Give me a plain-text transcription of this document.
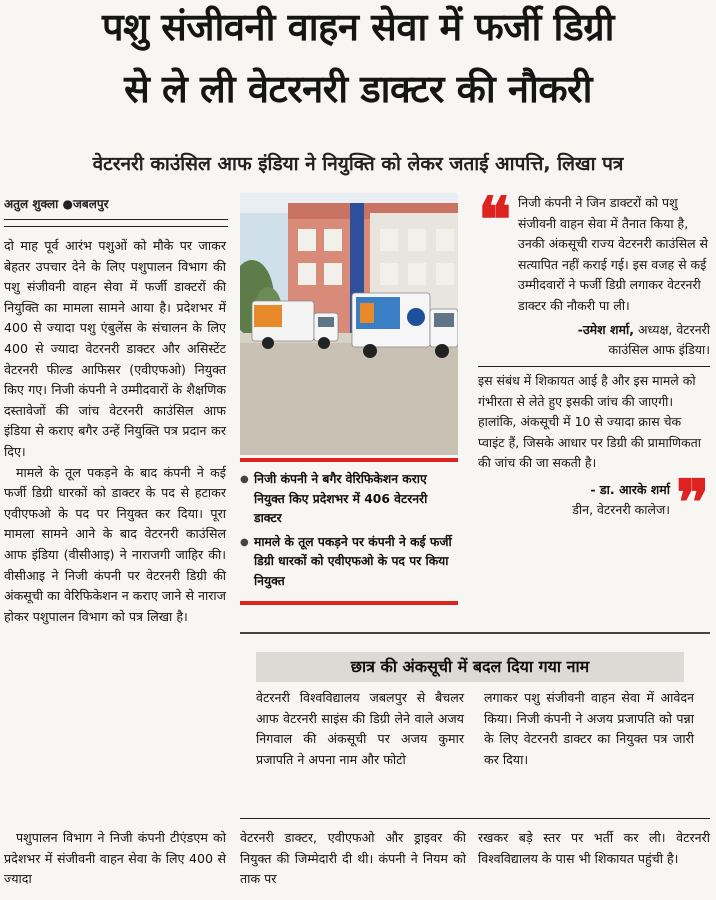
पशु संजीवनी वाहन सेवा में फर्जी डिग्री
से ले ली वेटरनरी डाक्टर की नौकरी
वेटरनरी काउंसिल आफ इंडिया ने नियुक्ति को लेकर जताई आपत्ति, लिखा पत्र
अतुल शुक्ला ●जबलपुर

दो माह पूर्व आरंभ पशुओं को मौके पर जाकर बेहतर उपचार देने के लिए पशुपालन विभाग की पशु संजीवनी वाहन सेवा में फर्जी डाक्टरों की नियुक्ति का मामला सामने आया है। प्रदेशभर में 400 से ज्यादा पशु एंबुलेंस के संचालन के लिए 400 से ज्यादा वेटरनरी डाक्टर और असिस्टेंट वेटरनरी फील्ड आफिसर (एवीएफओ) नियुक्त किए गए। निजी कंपनी ने उम्मीदवारों के शैक्षणिक दस्तावेजों की जांच वेटरनरी काउंसिल आफ इंडिया से कराए बगैर उन्हें नियुक्ति पत्र प्रदान कर दिए।

मामले के तूल पकड़ने के बाद कंपनी ने कई फर्जी डिग्री धारकों को डाक्टर के पद से हटाकर एवीएफओ के पद पर नियुक्त कर दिया। पूरा मामला सामने आने के बाद वेटरनरी काउंसिल आफ इंडिया (वीसीआइ) ने नाराजगी जाहिर की। वीसीआइ ने निजी कंपनी पर वेटरनरी डिग्री की अंकसूची का वेरिफिकेशन न कराए जाने से नाराज होकर पशुपालन विभाग को पत्र लिखा है।

पशुपालन विभाग ने निजी कंपनी टीएंडएम को प्रदेशभर में संजीवनी वाहन सेवा के लिए 400 से ज्यादा

● निजी कंपनी ने बगैर वेरिफिकेशन कराए नियुक्त किए प्रदेशभर में 406 वेटरनरी डाक्टर
● मामले के तूल पकड़ने पर कंपनी ने कई फर्जी डिग्री धारकों को एवीएफओ के पद पर किया नियुक्त
❝ निजी कंपनी ने जिन डाक्टरों को पशु संजीवनी वाहन सेवा में तैनात किया है, उनकी अंकसूची राज्य वेटरनरी काउंसिल से सत्यापित नहीं कराई गई। इस वजह से कई उम्मीदवारों ने फर्जी डिग्री लगाकर वेटरनरी डाक्टर की नौकरी पा ली।
-उमेश शर्मा, अध्यक्ष, वेटरनरी
काउंसिल आफ इंडिया।
इस संबंध में शिकायत आई है और इस मामले को गंभीरता से लेते हुए इसकी जांच की जाएगी। हालांकि, अंकसूची में 10 से ज्यादा क्रास चेक प्वाइंट हैं, जिसके आधार पर डिग्री की प्रामाणिकता की जांच की जा सकती है।
- डा. आरके शर्मा
डीन, वेटरनरी कालेज। ❞
छात्र की अंकसूची में बदल दिया गया नाम
वेटरनरी विश्वविद्यालय जबलपुर से बैचलर आफ वेटरनरी साइंस की डिग्री लेने वाले अजय निगवाल की अंकसूची पर अजय कुमार प्रजापति ने अपना नाम और फोटो
लगाकर पशु संजीवनी वाहन सेवा में आवेदन किया। निजी कंपनी ने अजय प्रजापति को पन्ना के लिए वेटरनरी डाक्टर का नियुक्त पत्र जारी कर दिया।
वेटरनरी डाक्टर, एवीएफओ और ड्राइवर की नियुक्त की जिम्मेदारी दी थी। कंपनी ने नियम को ताक पर
रखकर बड़े स्तर पर भर्ती कर ली। वेटरनरी विश्वविद्यालय के पास भी शिकायत पहुंची है।
